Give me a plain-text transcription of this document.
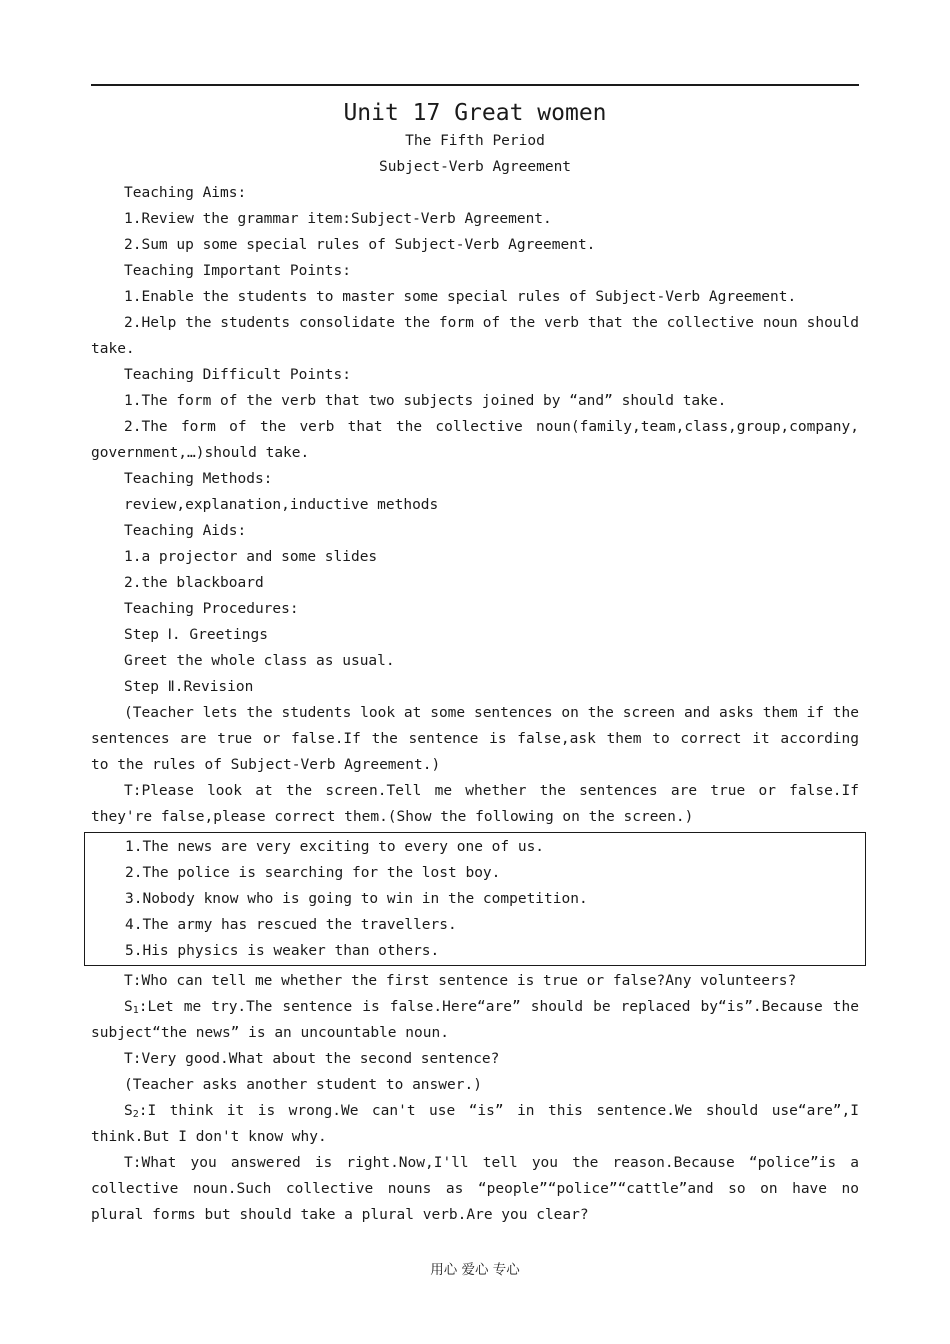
Unit 17 Great women
The Fifth Period
Subject-Verb Agreement

Teaching Aims:

1.Review the grammar item:Subject-Verb Agreement.

2.Sum up some special rules of Subject-Verb Agreement.

Teaching Important Points:

1.Enable the students to master some special rules of Subject-Verb Agreement.

2.Help the students consolidate the form of the verb that the collective noun should take.

Teaching Difficult Points:

1.The form of the verb that two subjects joined by “and” should take.

2.The form of the verb that the collective noun(family,team,class,group,company, government,…)should take.

Teaching Methods:

review,explanation,inductive methods

Teaching Aids:

1.a projector and some slides

2.the blackboard

Teaching Procedures:

Step Ⅰ. Greetings

Greet the whole class as usual.

Step Ⅱ.Revision

(Teacher lets the students look at some sentences on the screen and asks them if the sentences are true or false.If the sentence is false,ask them to correct it according to the rules of Subject-Verb Agreement.)

T:Please look at the screen.Tell me whether the sentences are true or false.If they're false,please correct them.(Show the following on the screen.)

1.The news are very exciting to every one of us.

2.The police is searching for the lost boy.

3.Nobody know who is going to win in the competition.

4.The army has rescued the travellers.

5.His physics is weaker than others.

T:Who can tell me whether the first sentence is true or false?Any volunteers?

$S_1:Let$ me try.The sentence is false.Here“are” should be replaced by“is”.Because the subject“the news” is an uncountable noun.

T:Very good.What about the second sentence?

(Teacher asks another student to answer.)

$S_2:I$ think it is wrong.We can't use “is” in this sentence.We should use“are”,I think.But I don't know why.

T:What you answered is right.Now,I'll tell you the reason.Because “police”is a collective noun.Such collective nouns as “people”“police”“cattle”and so on have no plural forms but should take a plural verb.Are you clear?

用心 爱心 专心
